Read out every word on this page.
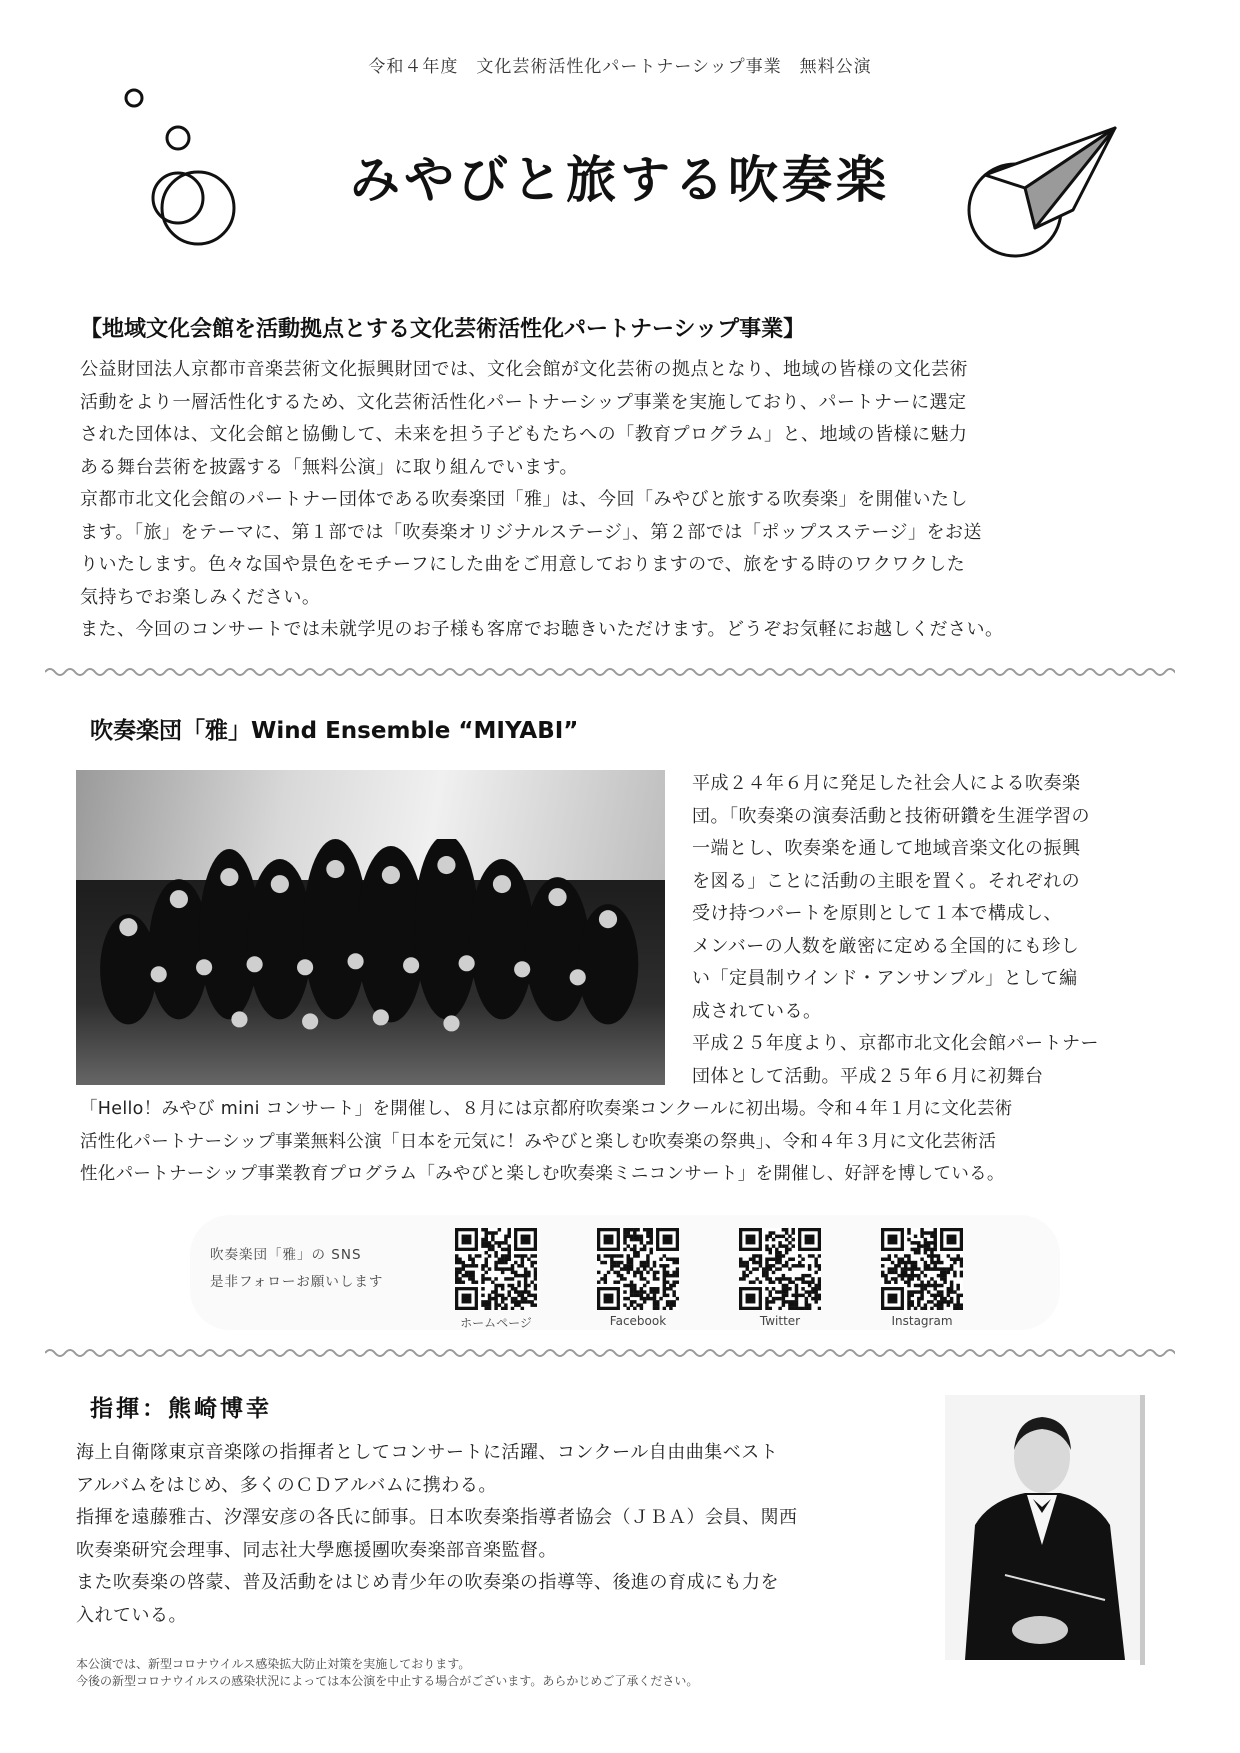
令和４年度　文化芸術活性化パートナーシップ事業　無料公演
みやびと旅する吹奏楽
【地域文化会館を活動拠点とする文化芸術活性化パートナーシップ事業】

公益財団法人京都市音楽芸術文化振興財団では、文化会館が文化芸術の拠点となり、地域の皆様の文化芸術

活動をより一層活性化するため、文化芸術活性化パートナーシップ事業を実施しており、パートナーに選定

された団体は、文化会館と協働して、未来を担う子どもたちへの「教育プログラム」と、地域の皆様に魅力

ある舞台芸術を披露する「無料公演」に取り組んでいます。

京都市北文化会館のパートナー団体である吹奏楽団「雅」は、今回「みやびと旅する吹奏楽」を開催いたし

ます。「旅」をテーマに、第１部では「吹奏楽オリジナルステージ」、第２部では「ポップスステージ」をお送

りいたします。色々な国や景色をモチーフにした曲をご用意しておりますので、旅をする時のワクワクした

気持ちでお楽しみください。

また、今回のコンサートでは未就学児のお子様も客席でお聴きいただけます。どうぞお気軽にお越しください。

吹奏楽団「雅」Wind Ensemble “MIYABI”

平成２４年６月に発足した社会人による吹奏楽

団。「吹奏楽の演奏活動と技術研鑽を生涯学習の

一端とし、吹奏楽を通して地域音楽文化の振興

を図る」ことに活動の主眼を置く。それぞれの

受け持つパートを原則として１本で構成し、

メンバーの人数を厳密に定める全国的にも珍し

い「定員制ウインド・アンサンブル」として編

成されている。

平成２５年度より、京都市北文化会館パートナー

団体として活動。平成２５年６月に初舞台

「Hello！みやび mini コンサート」を開催し、８月には京都府吹奏楽コンクールに初出場。令和４年１月に文化芸術

活性化パートナーシップ事業無料公演「日本を元気に！みやびと楽しむ吹奏楽の祭典」、令和４年３月に文化芸術活

性化パートナーシップ事業教育プログラム「みやびと楽しむ吹奏楽ミニコンサート」を開催し、好評を博している。

吹奏楽団「雅」の SNS
是非フォローお願いします
ホームページ	Facebook	Twitter	Instagram
指揮：熊崎博幸

海上自衛隊東京音楽隊の指揮者としてコンサートに活躍、コンクール自由曲集ベスト

アルバムをはじめ、多くのＣＤアルバムに携わる。

指揮を遠藤雅古、汐澤安彦の各氏に師事。日本吹奏楽指導者協会（ＪＢＡ）会員、関西

吹奏楽研究会理事、同志社大學應援團吹奏楽部音楽監督。

また吹奏楽の啓蒙、普及活動をはじめ青少年の吹奏楽の指導等、後進の育成にも力を

入れている。

本公演では、新型コロナウイルス感染拡大防止対策を実施しております。
今後の新型コロナウイルスの感染状況によっては本公演を中止する場合がございます。あらかじめご了承ください。
